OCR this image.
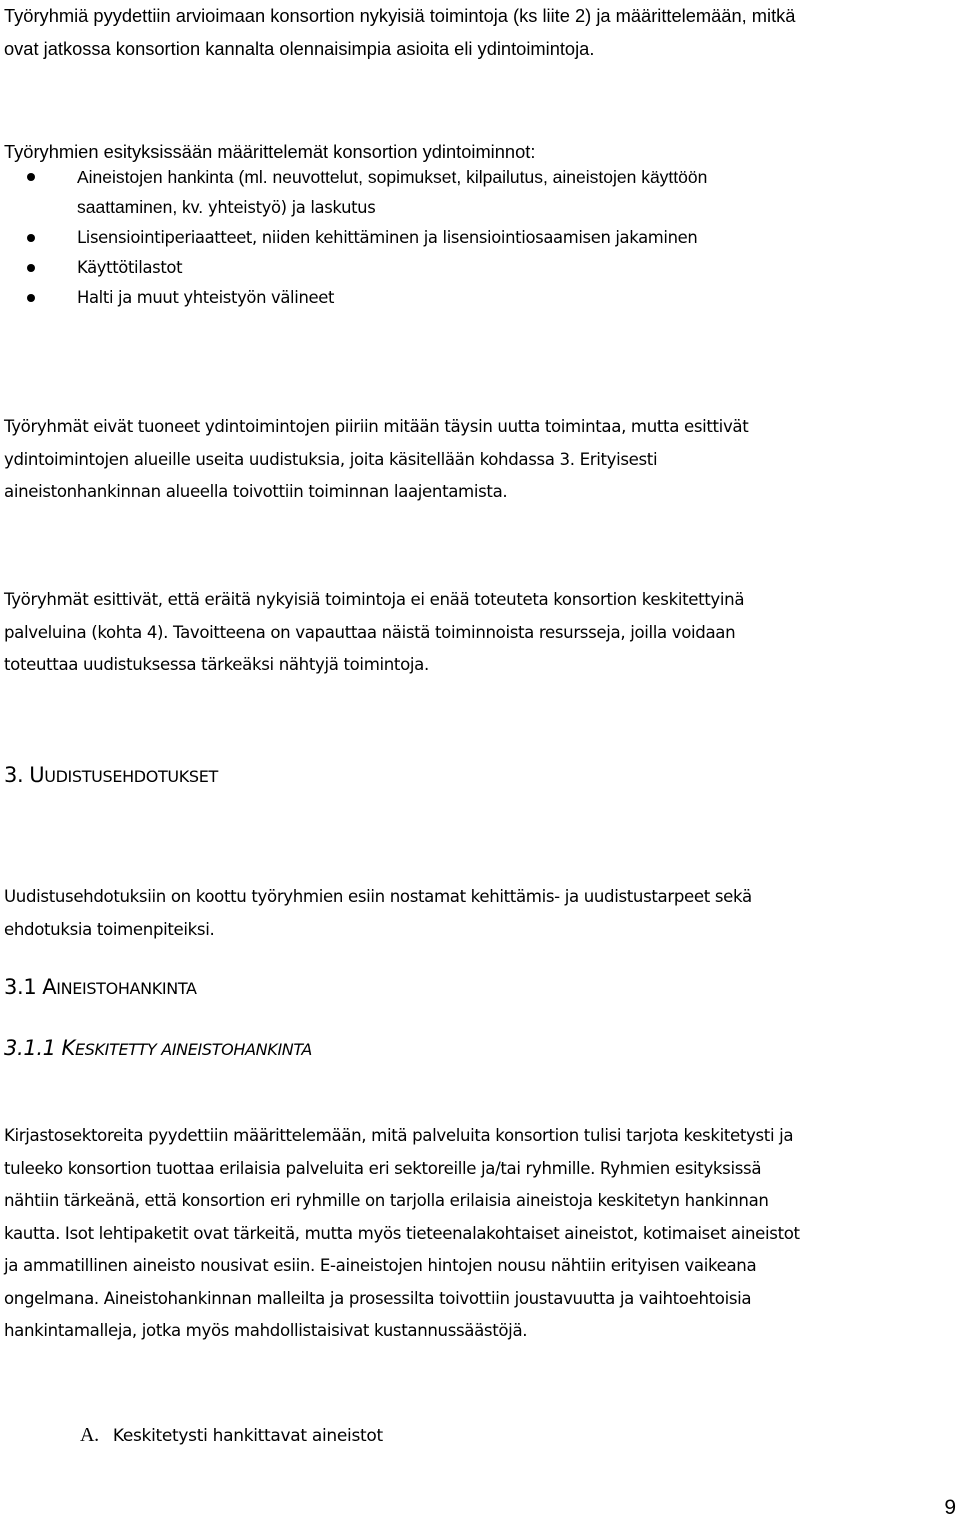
Työryhmiä pyydettiin arvioimaan konsortion nykyisiä toimintoja (ks liite 2) ja määrittelemään, mitkä
ovat jatkossa konsortion kannalta olennaisimpia asioita eli ydintoimintoja.

Työryhmien esityksissään määrittelemät konsortion ydintoiminnot:

Aineistojen hankinta (ml. neuvottelut, sopimukset, kilpailutus, aineistojen käyttöön
saattaminen, kv. yhteistyö) ja laskutus
Lisensiointiperiaatteet, niiden kehittäminen ja lisensiointiosaamisen jakaminen
Käyttötilastot
Halti ja muut yhteistyön välineet

Työryhmät eivät tuoneet ydintoimintojen piiriin mitään täysin uutta toimintaa, mutta esittivät
ydintoimintojen alueille useita uudistuksia, joita käsitellään kohdassa 3. Erityisesti
aineistonhankinnan alueella toivottiin toiminnan laajentamista.

Työryhmät esittivät, että eräitä nykyisiä toimintoja ei enää toteuteta konsortion keskitettyinä
palveluina (kohta 4). Tavoitteena on vapauttaa näistä toiminnoista resursseja, joilla voidaan
toteuttaa uudistuksessa tärkeäksi nähtyjä toimintoja.

3. UUDISTUSEHDOTUKSET

Uudistusehdotuksiin on koottu työryhmien esiin nostamat kehittämis- ja uudistustarpeet sekä
ehdotuksia toimenpiteiksi.

3.1 AINEISTOHANKINTA
3.1.1 KESKITETTY AINEISTOHANKINTA

Kirjastosektoreita pyydettiin määrittelemään, mitä palveluita konsortion tulisi tarjota keskitetysti ja
tuleeko konsortion tuottaa erilaisia palveluita eri sektoreille ja/tai ryhmille. Ryhmien esityksissä
nähtiin tärkeänä, että konsortion eri ryhmille on tarjolla erilaisia aineistoja keskitetyn hankinnan
kautta. Isot lehtipaketit ovat tärkeitä, mutta myös tieteenalakohtaiset aineistot, kotimaiset aineistot
ja ammatillinen aineisto nousivat esiin. E-aineistojen hintojen nousu nähtiin erityisen vaikeana
ongelmana. Aineistohankinnan malleilta ja prosessilta toivottiin joustavuutta ja vaihtoehtoisia
hankintamalleja, jotka myös mahdollistaisivat kustannussäästöjä.

A. Keskitetysti hankittavat aineistot
9
